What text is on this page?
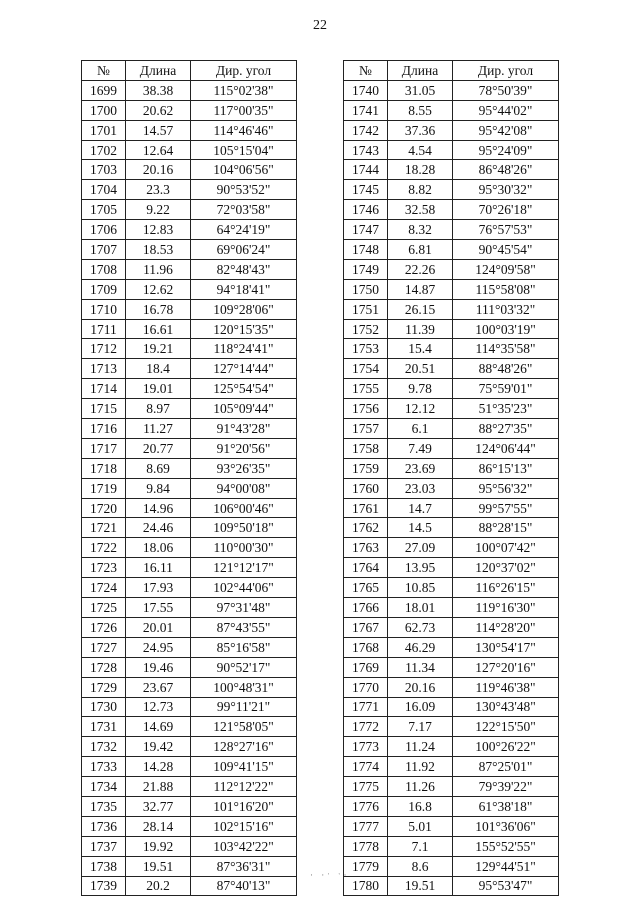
22
№	Длина	Дир. угол
1699	38.38	115°02'38"
1700	20.62	117°00'35"
1701	14.57	114°46'46"
1702	12.64	105°15'04"
1703	20.16	104°06'56"
1704	23.3	90°53'52"
1705	9.22	72°03'58"
1706	12.83	64°24'19"
1707	18.53	69°06'24"
1708	11.96	82°48'43"
1709	12.62	94°18'41"
1710	16.78	109°28'06"
1711	16.61	120°15'35"
1712	19.21	118°24'41"
1713	18.4	127°14'44"
1714	19.01	125°54'54"
1715	8.97	105°09'44"
1716	11.27	91°43'28"
1717	20.77	91°20'56"
1718	8.69	93°26'35"
1719	9.84	94°00'08"
1720	14.96	106°00'46"
1721	24.46	109°50'18"
1722	18.06	110°00'30"
1723	16.11	121°12'17"
1724	17.93	102°44'06"
1725	17.55	97°31'48"
1726	20.01	87°43'55"
1727	24.95	85°16'58"
1728	19.46	90°52'17"
1729	23.67	100°48'31"
1730	12.73	99°11'21"
1731	14.69	121°58'05"
1732	19.42	128°27'16"
1733	14.28	109°41'15"
1734	21.88	112°12'22"
1735	32.77	101°16'20"
1736	28.14	102°15'16"
1737	19.92	103°42'22"
1738	19.51	87°36'31"
1739	20.2	87°40'13"
№	Длина	Дир. угол
1740	31.05	78°50'39"
1741	8.55	95°44'02"
1742	37.36	95°42'08"
1743	4.54	95°24'09"
1744	18.28	86°48'26"
1745	8.82	95°30'32"
1746	32.58	70°26'18"
1747	8.32	76°57'53"
1748	6.81	90°45'54"
1749	22.26	124°09'58"
1750	14.87	115°58'08"
1751	26.15	111°03'32"
1752	11.39	100°03'19"
1753	15.4	114°35'58"
1754	20.51	88°48'26"
1755	9.78	75°59'01"
1756	12.12	51°35'23"
1757	6.1	88°27'35"
1758	7.49	124°06'44"
1759	23.69	86°15'13"
1760	23.03	95°56'32"
1761	14.7	99°57'55"
1762	14.5	88°28'15"
1763	27.09	100°07'42"
1764	13.95	120°37'02"
1765	10.85	116°26'15"
1766	18.01	119°16'30"
1767	62.73	114°28'20"
1768	46.29	130°54'17"
1769	11.34	127°20'16"
1770	20.16	119°46'38"
1771	16.09	130°43'48"
1772	7.17	122°15'50"
1773	11.24	100°26'22"
1774	11.92	87°25'01"
1775	11.26	79°39'22"
1776	16.8	61°38'18"
1777	5.01	101°36'06"
1778	7.1	155°52'55"
1779	8.6	129°44'51"
1780	19.51	95°53'47"
· ·ˑ ˑ·
